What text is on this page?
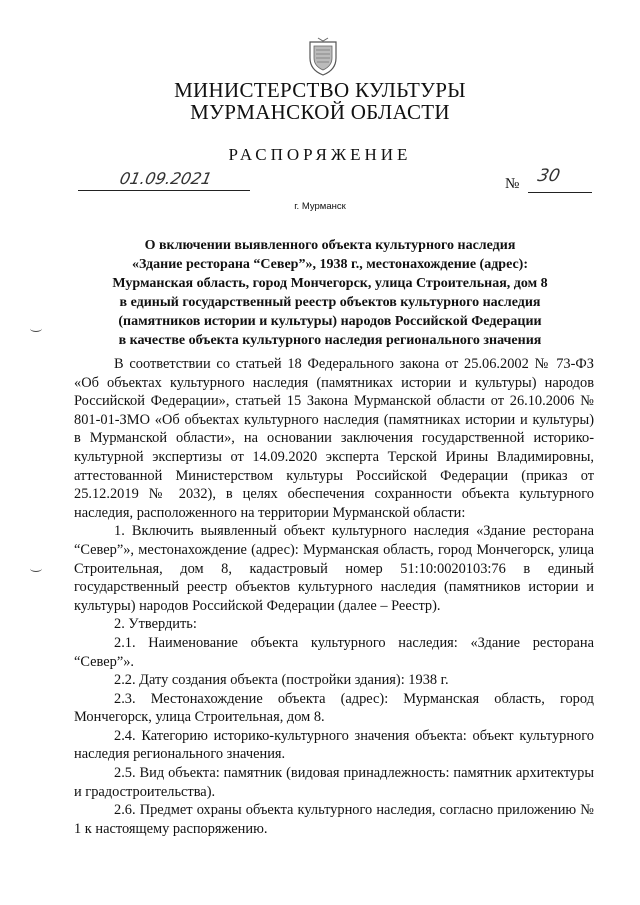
МИНИСТЕРСТВО КУЛЬТУРЫ
МУРМАНСКОЙ ОБЛАСТИ
РАСПОРЯЖЕНИЕ
01.09.2021	№ 30
г. Мурманск
О включении выявленного объекта культурного наследия
«Здание ресторана “Север”», 1938 г., местонахождение (адрес):
Мурманская область, город Мончегорск, улица Строительная, дом 8
в единый государственный реестр объектов культурного наследия
(памятников истории и культуры) народов Российской Федерации
в качестве объекта культурного наследия регионального значения

В соответствии со статьей 18 Федерального закона от 25.06.2002 № 73-ФЗ «Об объектах культурного наследия (памятниках истории и культуры) народов Российской Федерации», статьей 15 Закона Мурманской области от 26.10.2006 № 801-01-ЗМО «Об объектах культурного наследия (памятниках истории и культуры) в Мурманской области», на основании заключения государственной историко-культурной экспертизы от 14.09.2020 эксперта Терской Ирины Владимировны, аттестованной Министерством культуры Российской Федерации (приказ от 25.12.2019 № 2032), в целях обеспечения сохранности объекта культурного наследия, расположенного на территории Мурманской области:

1. Включить выявленный объект культурного наследия «Здание ресторана “Север”», местонахождение (адрес): Мурманская область, город Мончегорск, улица Строительная, дом 8, кадастровый номер 51:10:0020103:76 в единый государственный реестр объектов культурного наследия (памятников истории и культуры) народов Российской Федерации (далее – Реестр).

2. Утвердить:

2.1. Наименование объекта культурного наследия: «Здание ресторана “Север”».

2.2. Дату создания объекта (постройки здания): 1938 г.

2.3. Местонахождение объекта (адрес): Мурманская область, город Мончегорск, улица Строительная, дом 8.

2.4. Категорию историко-культурного значения объекта: объект культурного наследия регионального значения.

2.5. Вид объекта: памятник (видовая принадлежность: памятник архитектуры и градостроительства).

2.6. Предмет охраны объекта культурного наследия, согласно приложению № 1 к настоящему распоряжению.
